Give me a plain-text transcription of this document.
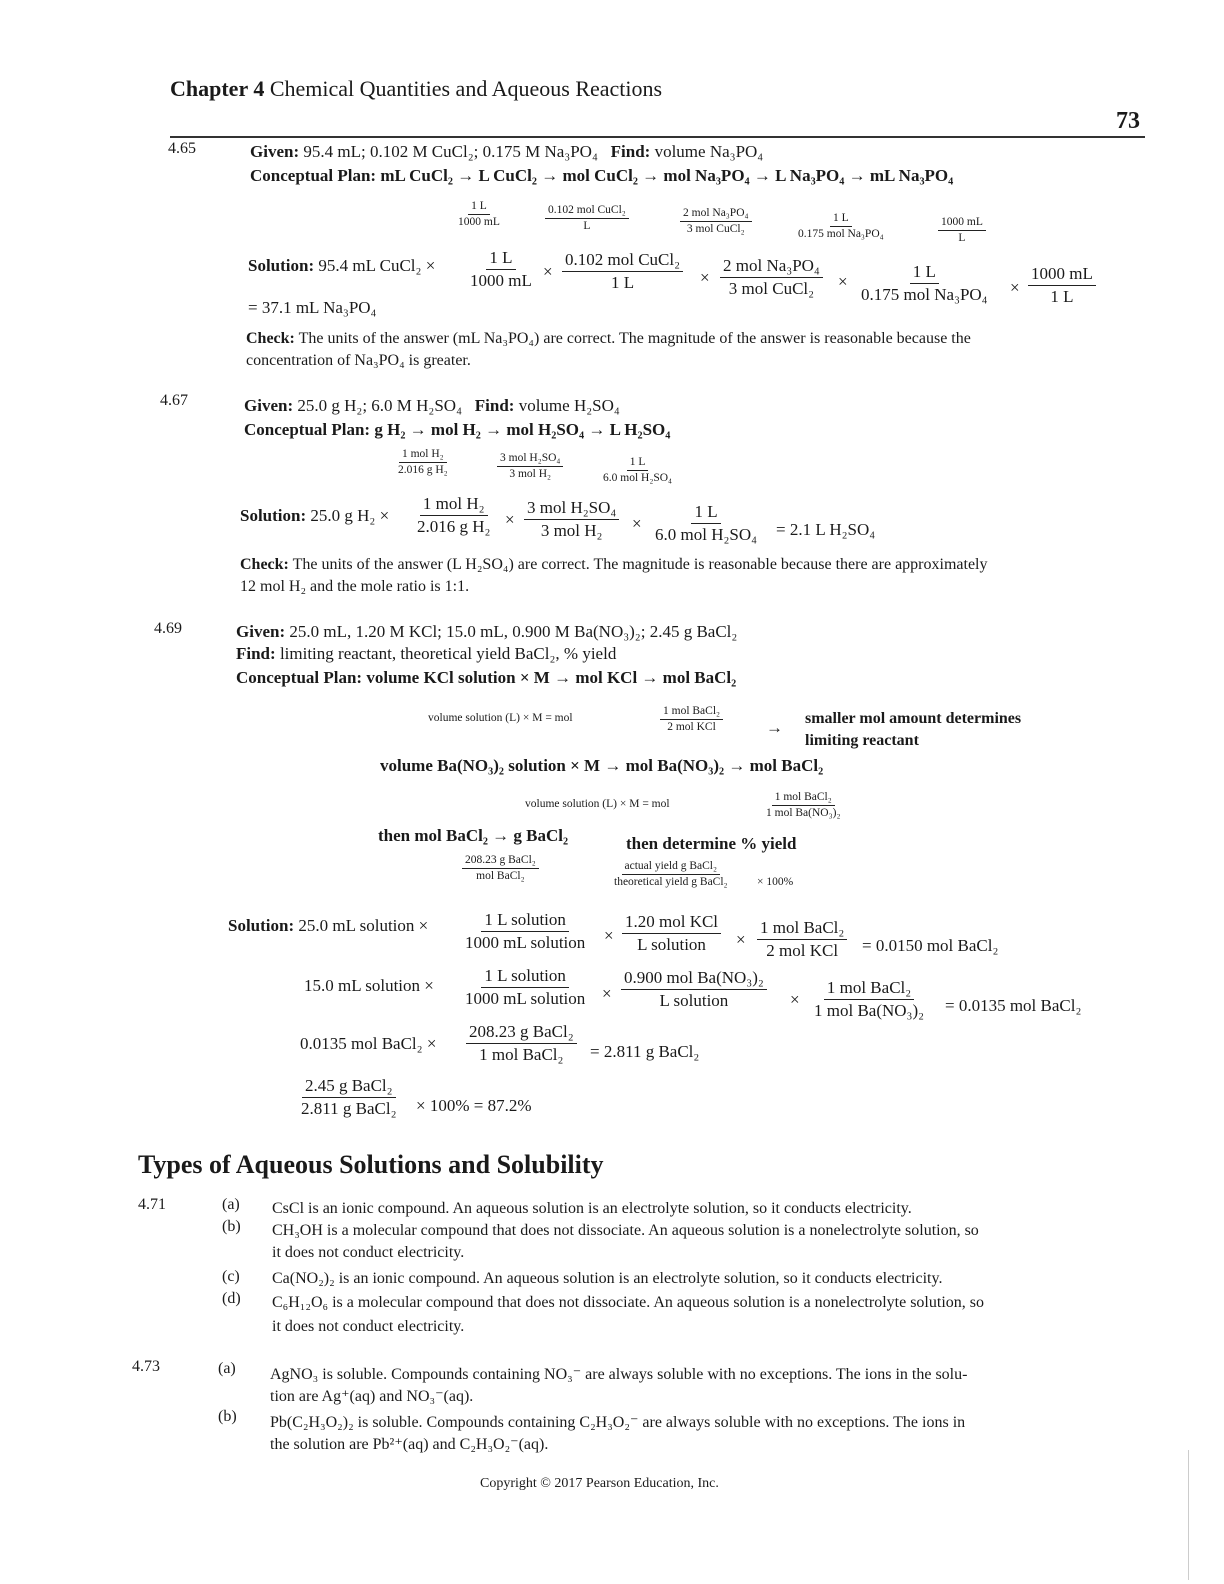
Chapter 4 Chemical Quantities and Aqueous Reactions
73
4.65	Given: 95.4 mL; 0.102 M CuCl₂; 0.175 M Na₃PO₄ Find: volume Na₃PO₄
Conceptual Plan: mL CuCl₂ → L CuCl₂ → mol CuCl₂ → mol Na₃PO₄ → L Na₃PO₄ → mL Na₃PO₄
$\frac{1 L}{1000 mL}$	0.102 mol CuCl₂
L
2 mol Na₃PO₄
3 mol CuCl₂
1 L
0.175 mol Na₃PO₄	$\frac{1000 mL}{L}$
Solution: 95.4 mL CuCl₂ × $\frac{1 L}{1000 mL}$ ×
0.102 mol CuCl₂
1 L	×
2 mol Na₃PO₄
3 mol CuCl₂ ×
1 L
0.175 mol $Na_3PO_4 \times \frac{1000 mL}{1 L}$
= 37.1 mL Na₃PO₄
Check: The units of the answer (mL Na₃PO₄) are correct. The magnitude of the answer is reasonable because the
concentration of Na₃PO₄ is greater.
4.67	Given: 25.0 g H₂; 6.0 M H₂SO₄ Find: volume H₂SO₄
Conceptual Plan: g H₂ → mol H₂ → mol H₂SO₄ → L H₂SO₄
1 mol H₂
2.016 g H₂
3 mol H₂SO₄
3 mol H₂
1 L
6.0 mol H₂SO₄
Solution: 25.0 g H₂ ×
1 mol H₂
2.016 g H₂ ×
3 mol H₂SO₄
3 mol H₂ ×
1 L
6.0 mol H₂SO₄ = 2.1 L H₂SO₄
Check: The units of the answer (L H₂SO₄) are correct. The magnitude is reasonable because there are approximately
12 mol H₂ and the mole ratio is 1:1.
4.69	Given: 25.0 mL, 1.20 M KCl; 15.0 mL, 0.900 M Ba(NO₃)₂; 2.45 g BaCl₂
Find: limiting reactant, theoretical yield BaCl₂, % yield
Conceptual Plan: volume KCl solution × M → mol KCl → mol BaCl₂
volume solution (L) × M = mol
1 mol BaCl₂
2 mol KCl	→ smaller mol amount determines
limiting reactant
volume Ba(NO₃)₂ solution × M → mol Ba(NO₃)₂ → mol BaCl₂
volume solution (L) × M = mol
1 mol BaCl₂
1 mol Ba(NO₃)₂
then mol BaCl₂ → g BaCl₂	then determine % yield
208.23 g BaCl₂
mol BaCl₂
actual yield g BaCl₂
theoretical yield g BaCl₂	× 100%
Solution: 25.0 mL solution ×	1 L solution
1000 mL solution ×
1.20 mol KCl
L solution ×
1 mol BaCl₂
2 mol KCl = 0.0150 mol BaCl₂
15.0 mL solution ×
1 L solution
1000 mL solution ×
0.900 mol Ba(NO₃)₂
L solution	×
1 mol BaCl₂
1 mol Ba(NO₃)₂ = 0.0135 mol BaCl₂
0.0135 mol BaCl₂ ×
208.23 g BaCl₂
1 mol BaCl₂ = 2.811 g BaCl₂
2.45 g BaCl₂
2.811 g BaCl₂ × 100% = 87.2%
Types of Aqueous Solutions and Solubility
4.71	(a) CsCl is an ionic compound. An aqueous solution is an electrolyte solution, so it conducts electricity.
(b) CH₃OH is a molecular compound that does not dissociate. An aqueous solution is a nonelectrolyte solution, so
it does not conduct electricity.
(c) Ca(NO₂)₂ is an ionic compound. An aqueous solution is an electrolyte solution, so it conducts electricity.
(d) C₆H₁₂O₆ is a molecular compound that does not dissociate. An aqueous solution is a nonelectrolyte solution, so
it does not conduct electricity.
4.73	(a) AgNO₃ is soluble. Compounds containing NO₃⁻ are always soluble with no exceptions. The ions in the solu-
tion are Ag⁺(aq) and NO₃⁻(aq).
(b) Pb(C₂H₃O₂)₂ is soluble. Compounds containing C₂H₃O₂⁻ are always soluble with no exceptions. The ions in
the solution are Pb²⁺(aq) and C₂H₃O₂⁻(aq).
Copyright © 2017 Pearson Education, Inc.
